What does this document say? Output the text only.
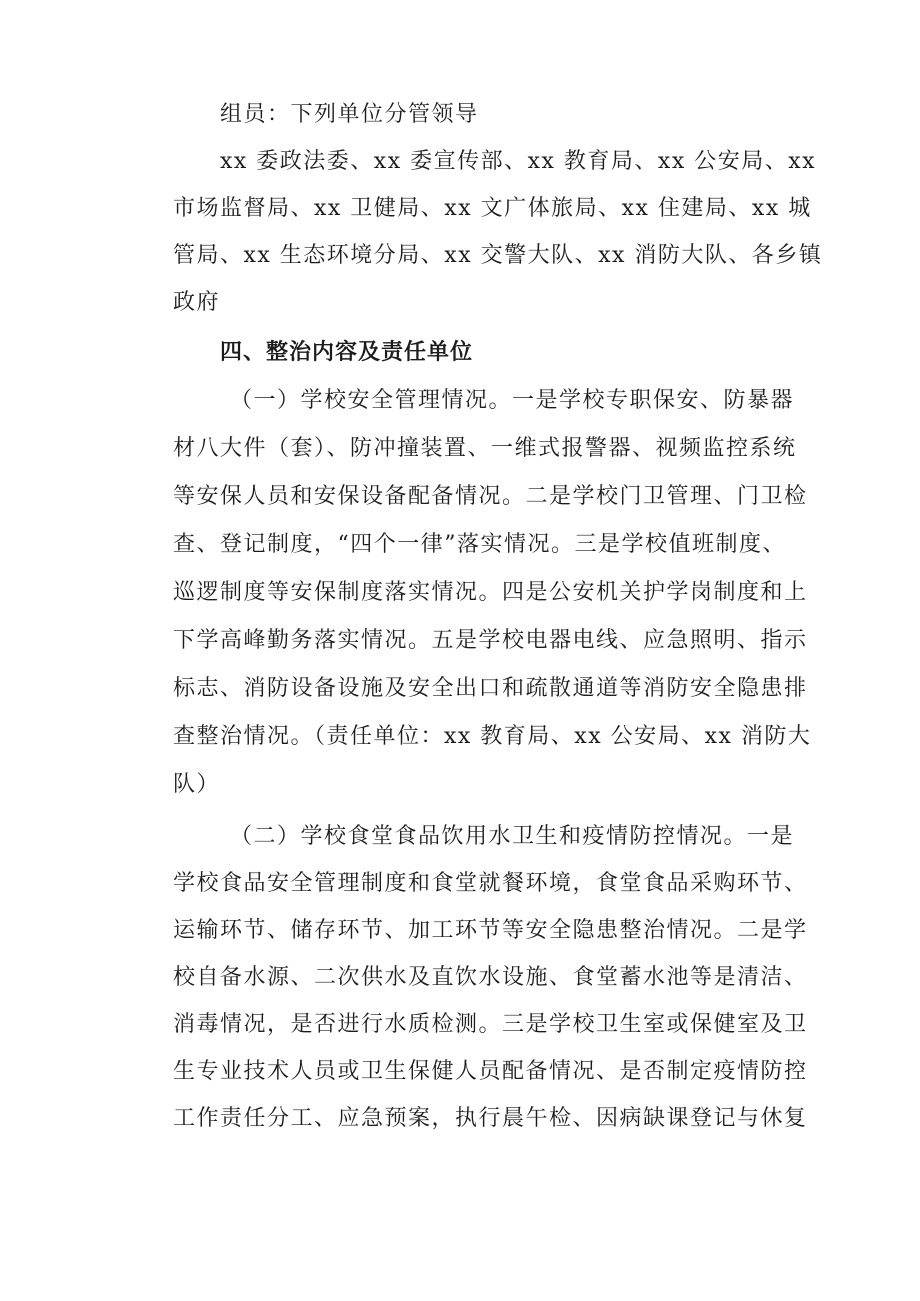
组员：下列单位分管领导
xx 委政法委、xx 委宣传部、xx 教育局、xx 公安局、xx
市场监督局、xx 卫健局、xx 文广体旅局、xx 住建局、xx 城
管局、xx 生态环境分局、xx 交警大队、xx 消防大队、各乡镇
政府
四、整治内容及责任单位
（一）学校安全管理情况。一是学校专职保安、防暴器
材八大件（套）、防冲撞装置、一维式报警器、视频监控系统
等安保人员和安保设备配备情况。二是学校门卫管理、门卫检
查、登记制度，“四个一律”落实情况。三是学校值班制度、
巡逻制度等安保制度落实情况。四是公安机关护学岗制度和上
下学高峰勤务落实情况。五是学校电器电线、应急照明、指示
标志、消防设备设施及安全出口和疏散通道等消防安全隐患排
查整治情况。（责任单位：xx 教育局、xx 公安局、xx 消防大
队）
（二）学校食堂食品饮用水卫生和疫情防控情况。一是
学校食品安全管理制度和食堂就餐环境，食堂食品采购环节、
运输环节、储存环节、加工环节等安全隐患整治情况。二是学
校自备水源、二次供水及直饮水设施、食堂蓄水池等是清洁、
消毒情况，是否进行水质检测。三是学校卫生室或保健室及卫
生专业技术人员或卫生保健人员配备情况、是否制定疫情防控
工作责任分工、应急预案，执行晨午检、因病缺课登记与休复
